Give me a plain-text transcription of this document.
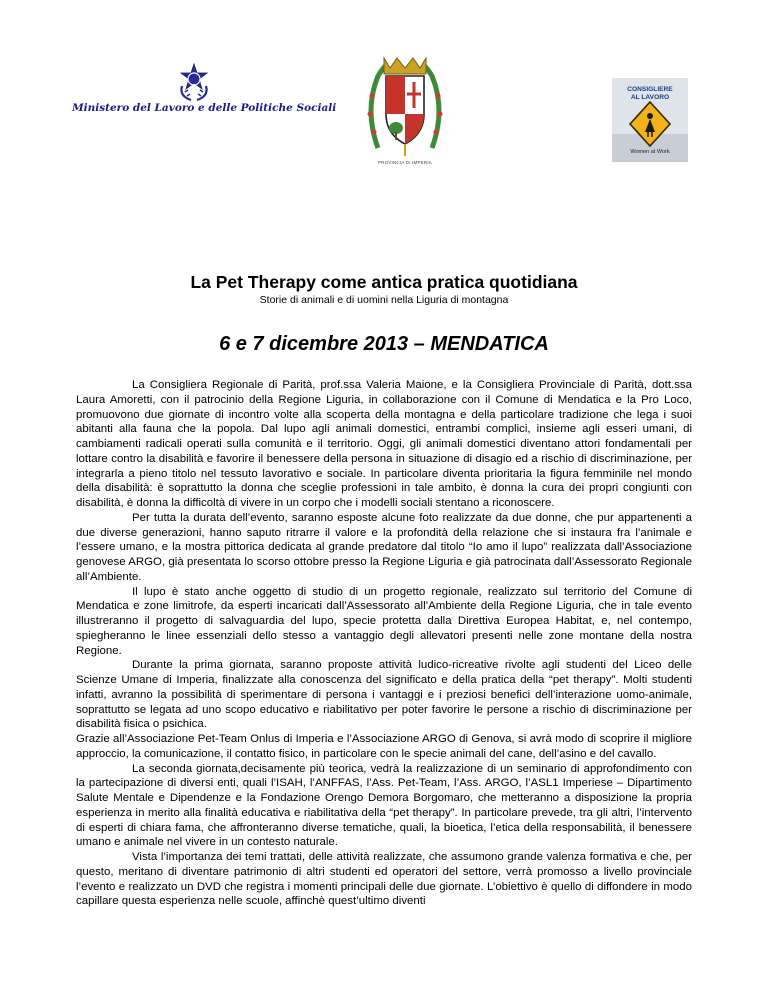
Ministero del Lavoro e delle Politiche Sociali
PROVINCIA DI IMPERIA
CONSIGLIERE
AL LAVORO
Women at Work
La Pet Therapy come antica pratica quotidiana
Storie di animali e di uomini nella Liguria di montagna
6 e 7 dicembre 2013 – MENDATICA

La Consigliera Regionale di Parità, prof.ssa Valeria Maione, e la Consigliera Provinciale di Parità, dott.ssa Laura Amoretti, con il patrocinio della Regione Liguria, in collaborazione con il Comune di Mendatica e la Pro Loco, promuovono due giornate di incontro volte alla scoperta della montagna e della particolare tradizione che lega i suoi abitanti alla fauna che la popola. Dal lupo agli animali domestici, entrambi complici, insieme agli esseri umani, di cambiamenti radicali operati sulla comunità e il territorio. Oggi, gli animali domestici diventano attori fondamentali per lottare contro la disabilità e favorire il benessere della persona in situazione di disagio ed a rischio di discriminazione, per integrarla a pieno titolo nel tessuto lavorativo e sociale. In particolare diventa prioritaria la figura femminile nel mondo della disabilità: è soprattutto la donna che sceglie professioni in tale ambito, è donna la cura dei propri congiunti con disabilità, è donna la difficoltà di vivere in un corpo che i modelli sociali stentano a riconoscere.

Per tutta la durata dell’evento, saranno esposte alcune foto realizzate da due donne, che pur appartenenti a due diverse generazioni, hanno saputo ritrarre il valore e la profondità della relazione che si instaura fra l’animale e l’essere umano, e la mostra pittorica dedicata al grande predatore dal titolo “Io amo il lupo” realizzata dall’Associazione genovese ARGO, già presentata lo scorso ottobre presso la Regione Liguria e già patrocinata dall’Assessorato Regionale all’Ambiente.

Il lupo è stato anche oggetto di studio di un progetto regionale, realizzato sul territorio del Comune di Mendatica e zone limitrofe, da esperti incaricati dall’Assessorato all’Ambiente della Regione Liguria, che in tale evento illustreranno il progetto di salvaguardia del lupo, specie protetta dalla Direttiva Europea Habitat, e, nel contempo, spiegheranno le linee essenziali dello stesso a vantaggio degli allevatori presenti nelle zone montane della nostra Regione.

Durante la prima giornata, saranno proposte attività ludico-ricreative rivolte agli studenti del Liceo delle Scienze Umane di Imperia, finalizzate alla conoscenza del significato e della pratica della “pet therapy”. Molti studenti infatti, avranno la possibilità di sperimentare di persona i vantaggi e i preziosi benefici dell’interazione uomo-animale, soprattutto se legata ad uno scopo educativo e riabilitativo per poter favorire le persone a rischio di discriminazione per disabilità fisica o psichica.

Grazie all’Associazione Pet-Team Onlus di Imperia e l’Associazione ARGO di Genova, si avrà modo di scoprire il migliore approccio, la comunicazione, il contatto fisico, in particolare con le specie animali del cane, dell’asino e del cavallo.

La seconda giornata,decisamente più teorica, vedrà la realizzazione di un seminario di approfondimento con la partecipazione di diversi enti, quali l’ISAH, l’ANFFAS, l’Ass. Pet-Team, l’Ass. ARGO, l’ASL1 Imperiese – Dipartimento Salute Mentale e Dipendenze e la Fondazione Orengo Demora Borgomaro, che metteranno a disposizione la propria esperienza in merito alla finalità educativa e riabilitativa della “pet therapy”. In particolare prevede, tra gli altri, l’intervento di esperti di chiara fama, che affronteranno diverse tematiche, quali, la bioetica, l’etica della responsabilità, il benessere umano e animale nel vivere in un contesto naturale.

Vista l’importanza dei temi trattati, delle attività realizzate, che assumono grande valenza formativa e che, per questo, meritano di diventare patrimonio di altri studenti ed operatori del settore, verrà promosso a livello provinciale l’evento e realizzato un DVD che registra i momenti principali delle due giornate. L’obiettivo è quello di diffondere in modo capillare questa esperienza nelle scuole, affinchè quest’ultimo diventi
